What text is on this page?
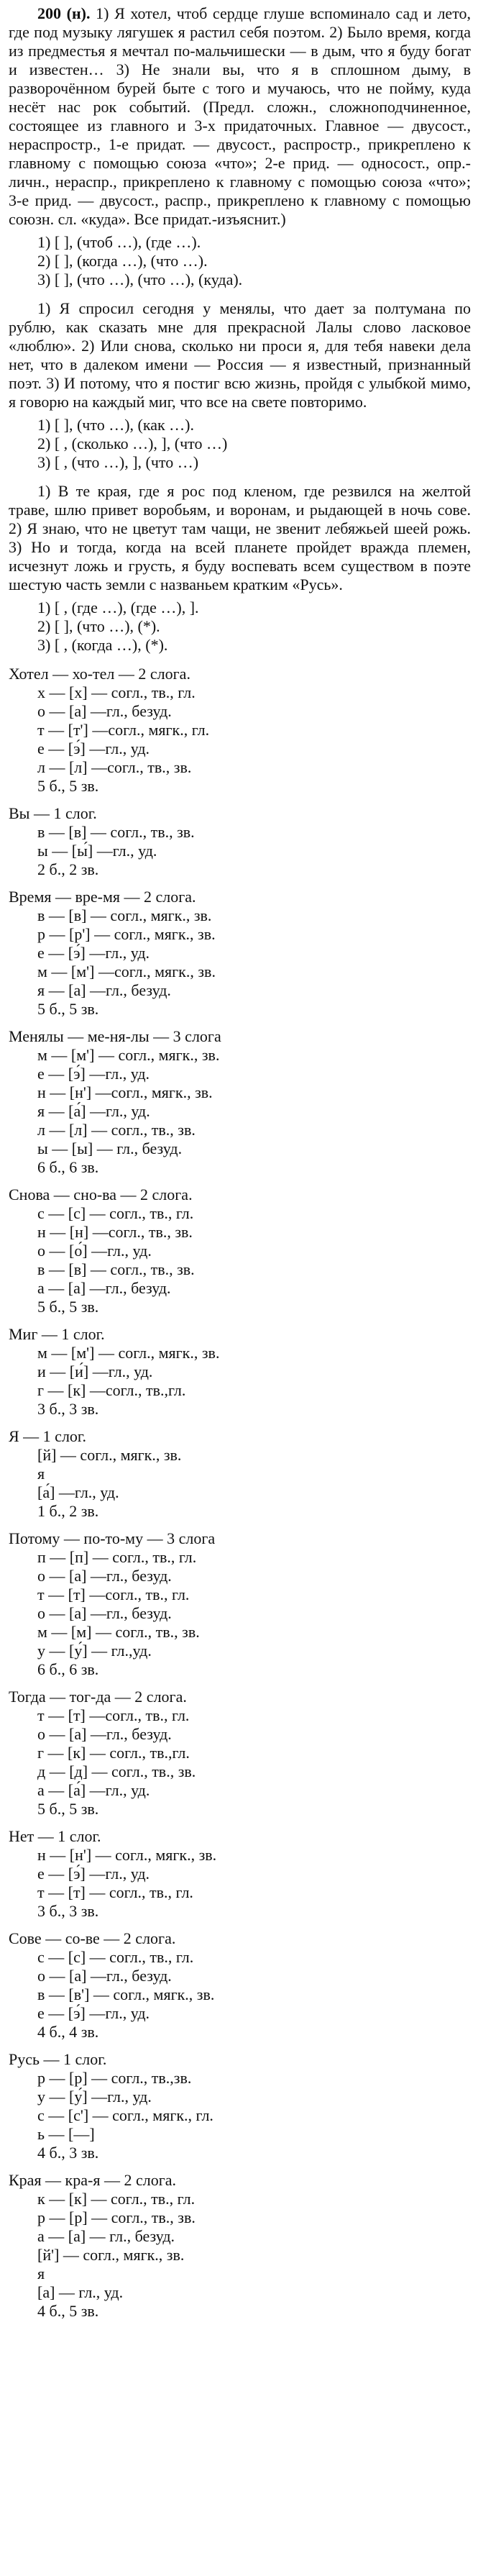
200 (н). 1) Я хотел, чтоб сердце глуше вспоминало сад и лето, где под музыку лягушек я растил себя поэтом. 2) Было время, когда из предместья я мечтал по-мальчишески — в дым, что я буду богат и известен… 3) Не знали вы, что я в сплошном дыму, в разворочённом бурей быте с того и мучаюсь, что не пойму, куда несёт нас рок событий. (Предл. сложн., сложноподчиненное, состоящее из главного и 3-х придаточных. Главное — двусост., нераспростр., 1-е придат. — двусост., распростр., прикреплено к главному с помощью союза «что»; 2-е прид. — односост., опр.-личн., нераспр., прикреплено к главному с помощью союза «что»; 3-е прид. — двусост., распр., прикреплено к главному с помощью союзн. сл. «куда». Все придат.-изъяснит.)

1) [ ], (чтоб …), (где …).
2) [ ], (когда …), (что …).
3) [ ], (что …), (что …), (куда).

1) Я спросил сегодня у менялы, что дает за полтумана по рублю, как сказать мне для прекрасной Лалы слово ласковое «люблю». 2) Или снова, сколько ни проси я, для тебя навеки дела нет, что в далеком имени — Россия — я известный, признанный поэт. 3) И потому, что я постиг всю жизнь, пройдя с улыбкой мимо, я говорю на каждый миг, что все на свете повторимо.

1) [ ], (что …), (как …).
2) [ , (сколько …), ], (что …)
3) [ , (что …), ], (что …)

1) В те края, где я рос под кленом, где резвился на желтой траве, шлю привет воробьям, и воронам, и рыдающей в ночь сове. 2) Я знаю, что не цветут там чащи, не звенит лебяжьей шеей рожь. 3) Но и тогда, когда на всей планете пройдет вражда племен, исчезнут ложь и грусть, я буду воспевать всем существом в поэте шестую часть земли с названьем кратким «Русь».

1) [ , (где …), (где …), ].
2) [ ], (что …), (*).
3) [ , (когда …), (*).
Хотел — хо-тел — 2 слога.
х — [х] — согл., тв., гл.
о — [а] —гл., безуд.
т — [т'] —согл., мягк., гл.
е — [э́] —гл., уд.
л — [л] —согл., тв., зв.
5 б., 5 зв.
Вы — 1 слог.
в — [в] — согл., тв., зв.
ы — [ы́] —гл., уд.
2 б., 2 зв.
Время — вре-мя — 2 слога.
в — [в] — согл., мягк., зв.
р — [р'] — согл., мягк., зв.
е — [э́] —гл., уд.
м — [м'] —согл., мягк., зв.
я — [а] —гл., безуд.
5 б., 5 зв.
Менялы — ме-ня-лы — 3 слога
м — [м'] — согл., мягк., зв.
е — [э́] —гл., уд.
н — [н'] —согл., мягк., зв.
я — [а́] —гл., уд.
л — [л] — согл., тв., зв.
ы — [ы] — гл., безуд.
6 б., 6 зв.
Снова — сно-ва — 2 слога.
с — [с] — согл., тв., гл.
н — [н] —согл., тв., зв.
о — [о́] —гл., уд.
в — [в] — согл., тв., зв.
а — [а] —гл., безуд.
5 б., 5 зв.
Миг — 1 слог.
м — [м'] — согл., мягк., зв.
и — [и́] —гл., уд.
г — [к] —согл., тв.,гл.
3 б., 3 зв.
Я — 1 слог.
[й] — согл., мягк., зв.
я
[а́] —гл., уд.
1 б., 2 зв.
Потому — по-то-му — 3 слога
п — [п] — согл., тв., гл.
о — [а] —гл., безуд.
т — [т] —согл., тв., гл.
о — [а] —гл., безуд.
м — [м] — согл., тв., зв.
у — [у́] — гл.,уд.
6 б., 6 зв.
Тогда — тог-да — 2 слога.
т — [т] —согл., тв., гл.
о — [а] —гл., безуд.
г — [к] — согл., тв.,гл.
д — [д] — согл., тв., зв.
а — [а́] —гл., уд.
5 б., 5 зв.
Нет — 1 слог.
н — [н'] — согл., мягк., зв.
е — [э́] —гл., уд.
т — [т] — согл., тв., гл.
3 б., 3 зв.
Сове — со-ве — 2 слога.
с — [с] — согл., тв., гл.
о — [а] —гл., безуд.
в — [в'] — согл., мягк., зв.
е — [э́] —гл., уд.
4 б., 4 зв.
Русь — 1 слог.
р — [р] — согл., тв.,зв.
у — [у́] —гл., уд.
с — [с'] — согл., мягк., гл.
ь — [—]
4 б., 3 зв.
Края — кра-я — 2 слога.
к — [к] — согл., тв., гл.
р — [р] — согл., тв., зв.
а — [а] — гл., безуд.
[й'] — согл., мягк., зв.
я
[а] — гл., уд.
4 б., 5 зв.
